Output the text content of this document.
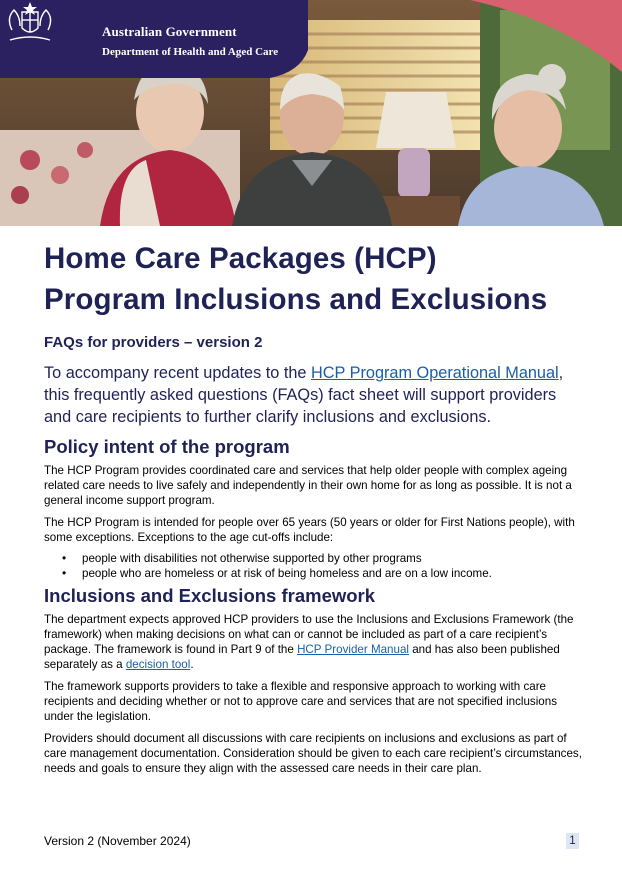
Australian Government
Department of Health and Aged Care
Home Care Packages (HCP)
Program Inclusions and Exclusions
FAQs for providers – version 2

To accompany recent updates to the HCP Program Operational Manual, this frequently asked questions (FAQs) fact sheet will support providers and care recipients to further clarify inclusions and exclusions.

Policy intent of the program

The HCP Program provides coordinated care and services that help older people with complex ageing related care needs to live safely and independently in their own home for as long as possible. It is not a general income support program.

The HCP Program is intended for people over 65 years (50 years or older for First Nations people), with some exceptions. Exceptions to the age cut-offs include:

• people with disabilities not otherwise supported by other programs
• people who are homeless or at risk of being homeless and are on a low income.
Inclusions and Exclusions framework

The department expects approved HCP providers to use the Inclusions and Exclusions Framework (the framework) when making decisions on what can or cannot be included as part of a care recipient’s package. The framework is found in Part 9 of the HCP Provider Manual and has also been published separately as a decision tool.

The framework supports providers to take a flexible and responsive approach to working with care recipients and deciding whether or not to approve care and services that are not specified inclusions under the legislation.

Providers should document all discussions with care recipients on inclusions and exclusions as part of care management documentation. Consideration should be given to each care recipient’s circumstances, needs and goals to ensure they align with the assessed care needs in their care plan.

Version 2 (November 2024)	1
